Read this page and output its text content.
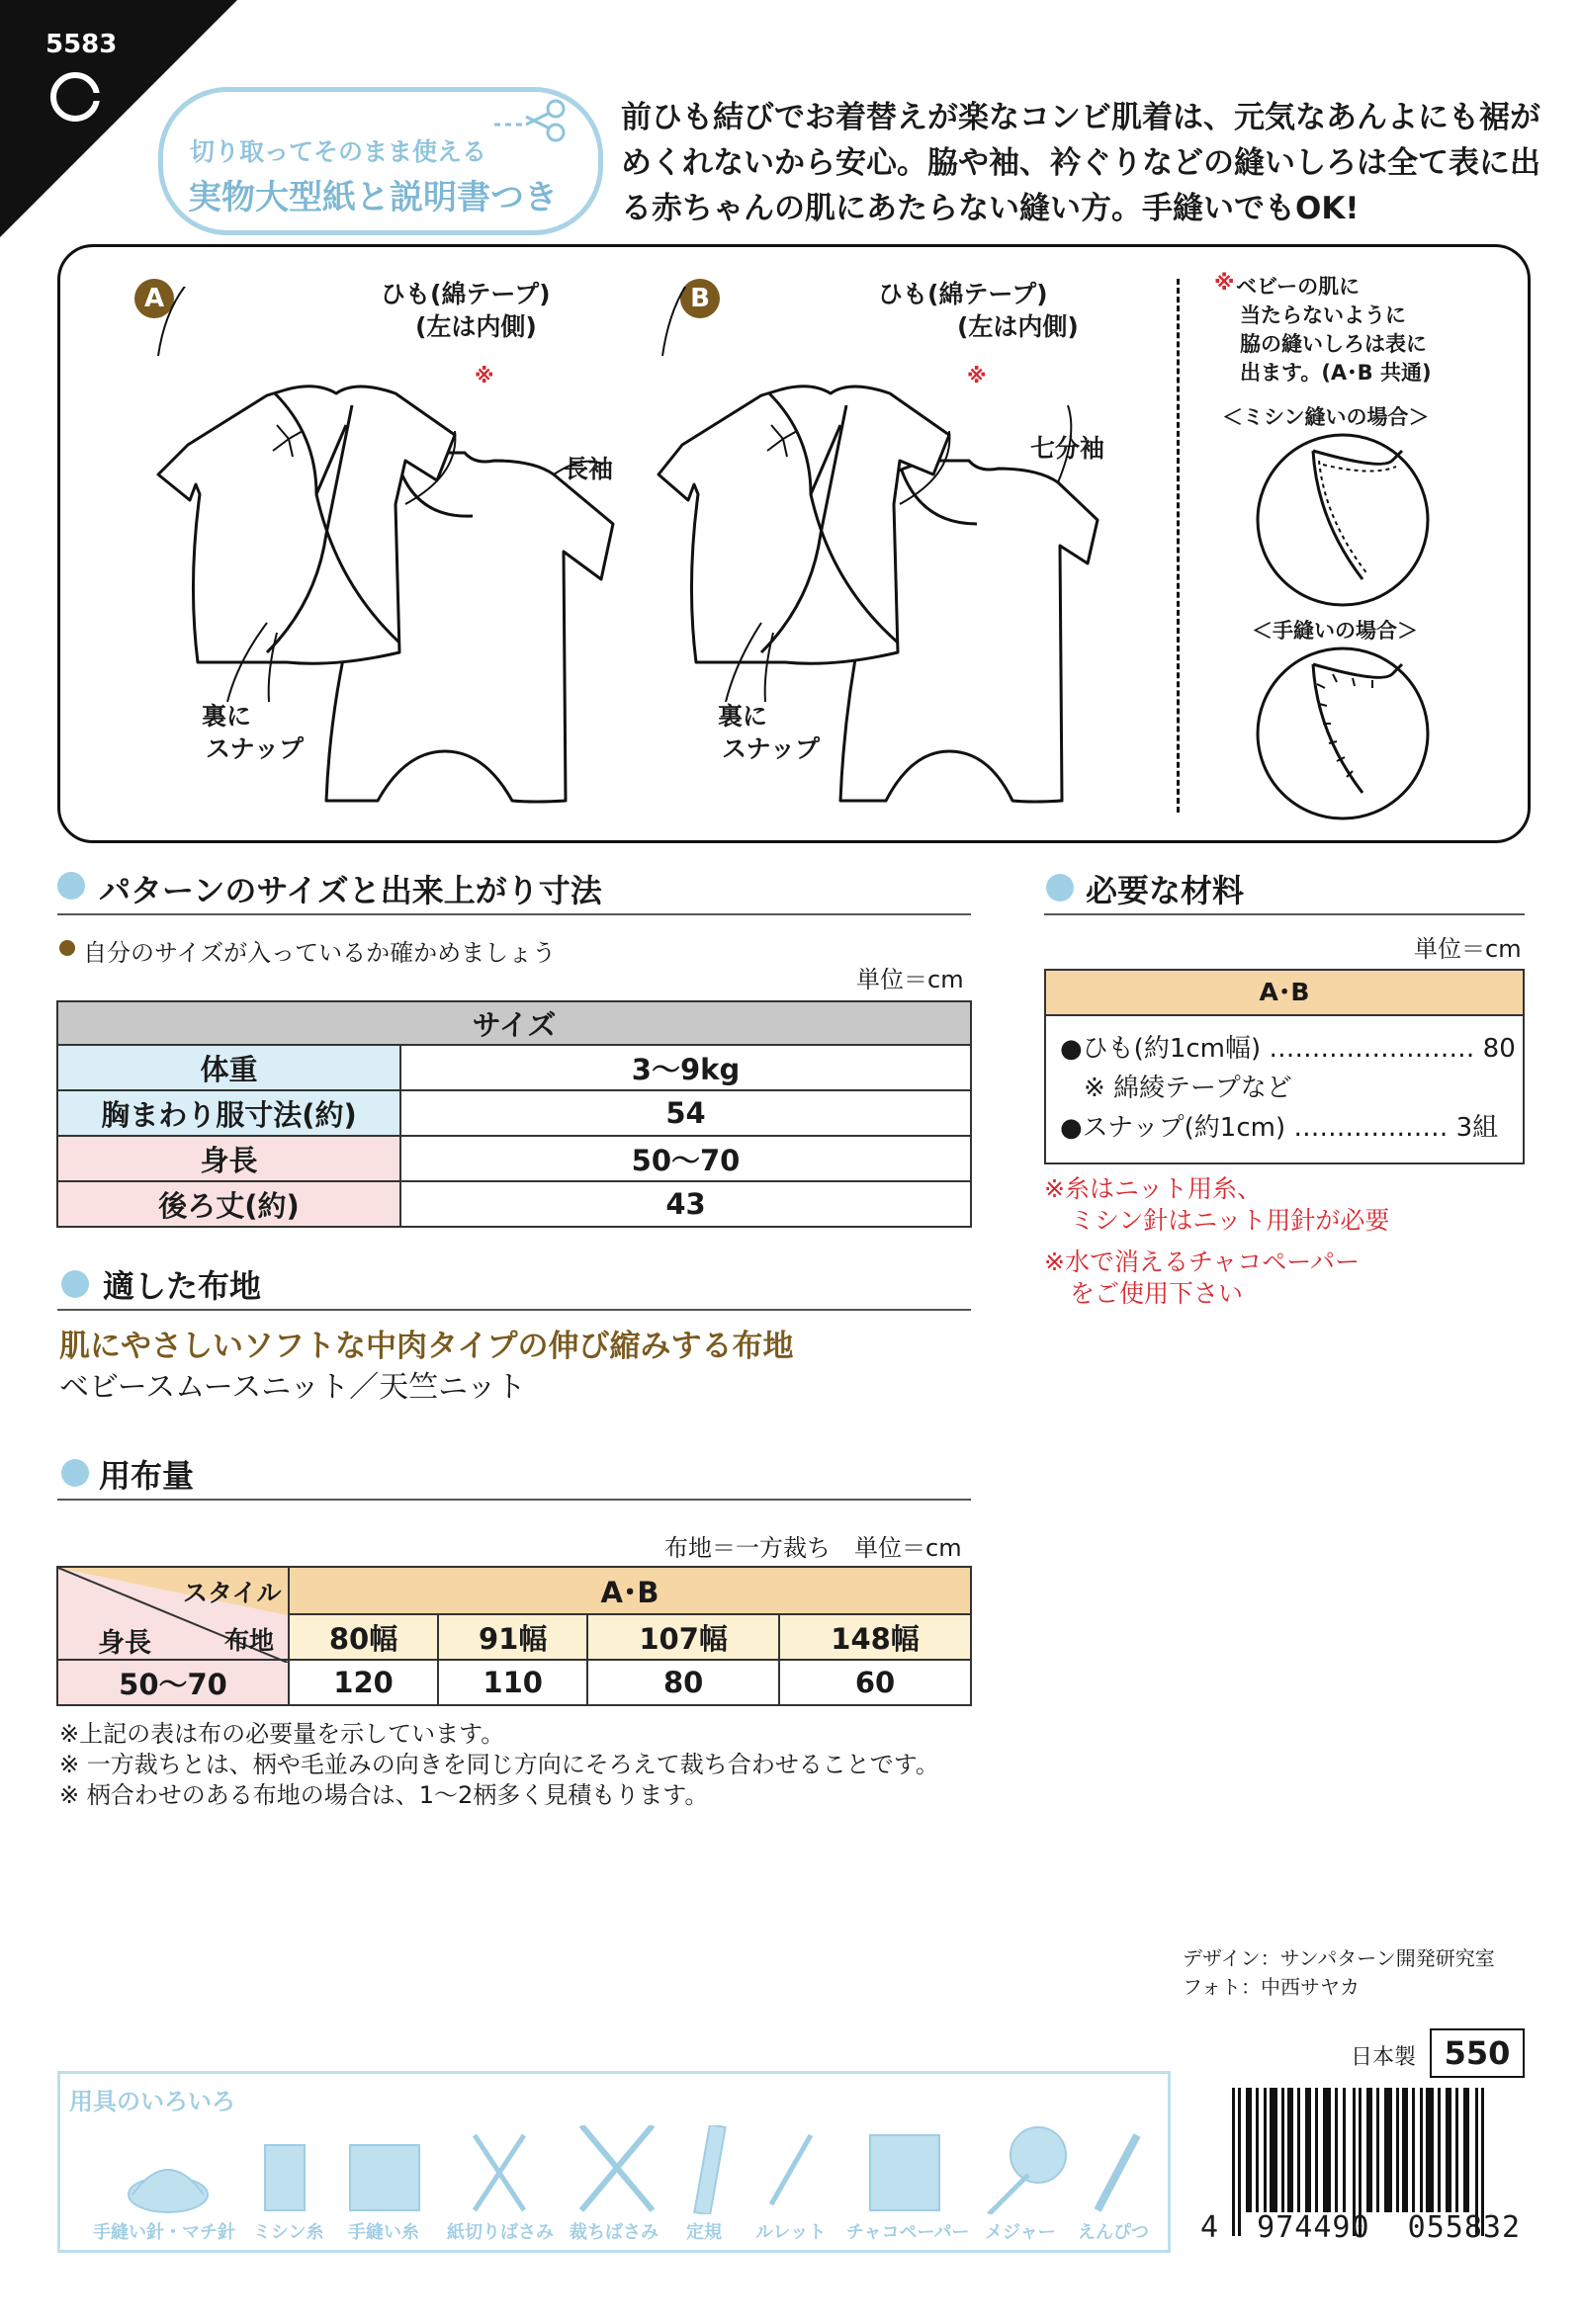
5583
切り取ってそのまま使える
実物大型紙と説明書つき
前ひも結びでお着替えが楽なコンビ肌着は、元気なあんよにも裾がめくれないから安心。脇や袖、衿ぐりなどの縫いしろは全て表に出る赤ちゃんの肌にあたらない縫い方。手縫いでもOK!
A	ひも(綿テープ)
(左は内側)
※
長袖
裏に
スナップ
B	ひも(綿テープ)
(左は内側)
※
七分袖
裏に
スナップ
※ ベビーの肌に
当たらないように
脇の縫いしろは表に
出ます。(A･B 共通)
＜ミシン縫いの場合＞
＜手縫いの場合＞
パターンのサイズと出来上がり寸法
自分のサイズが入っているか確かめましょう
単位＝cm
サイズ	
体重	3〜9kg
胸まわり服寸法(約)	54
身長	50〜70
後ろ丈(約)	43
適した布地
肌にやさしいソフトな中肉タイプの伸び縮みする布地
ベビースムースニット／天竺ニット
用布量
布地＝一方裁ち　単位＝cm
スタイル
身長 布地	A･B			
	80幅	91幅	107幅	148幅
50〜70	120	110	80	60
※上記の表は布の必要量を示しています。
※ 一方裁ちとは、柄や毛並みの向きを同じ方向にそろえて裁ち合わせることです。
※ 柄合わせのある布地の場合は、1〜2柄多く見積もります。
必要な材料
単位＝cm
A･B
●ひも(約1cm幅) …………………… 80
※ 綿綾テープなど
●スナップ(約1cm) ……………… 3組
※糸はニット用糸、
ミシン針はニット用針が必要
※水で消えるチャコペーパー
をご使用下さい
デザイン：サンパターン開発研究室
フォト：中西サヤカ
日本製 550
4  974490  055832
用具のいろいろ
手縫い針・マチ針 ミシン糸 手縫い糸 紙切りばさみ 裁ちばさみ 定規 ルレット チャコペーパー メジャー えんぴつ
